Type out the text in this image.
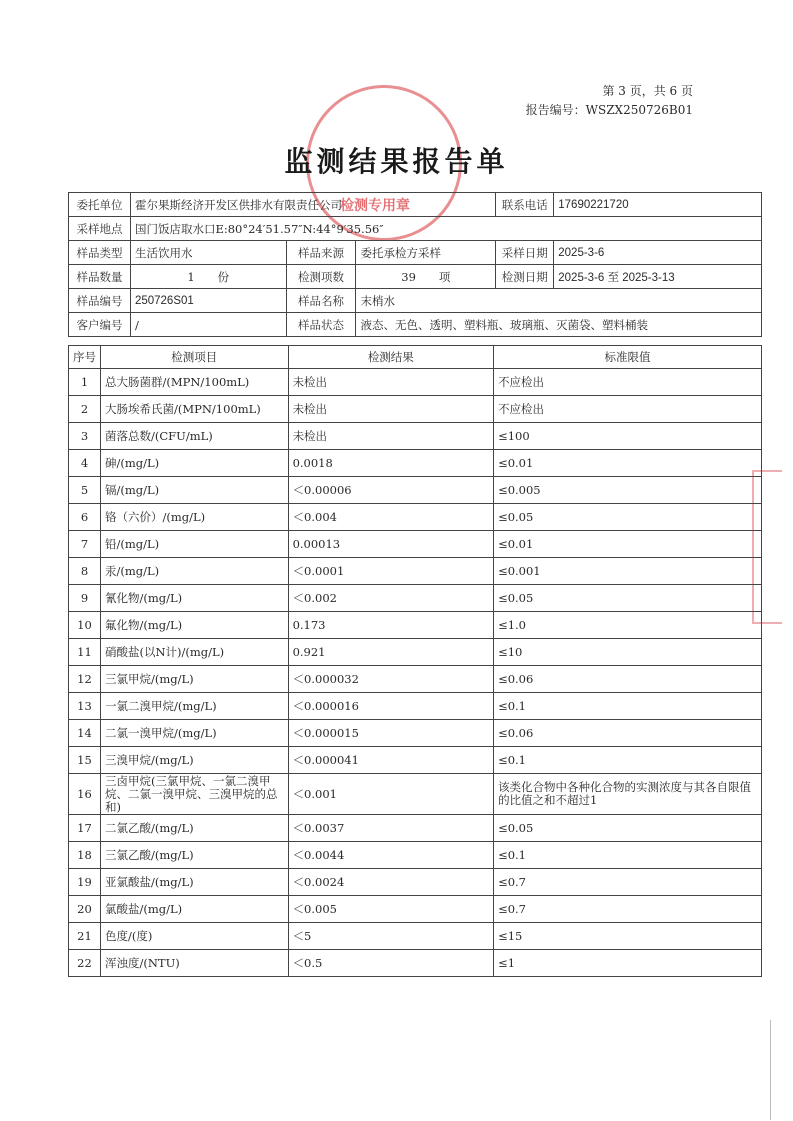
检测专用章
第 3 页，共 6 页
报告编号：WSZX250726B01
监测结果报告单
委托单位	霍尔果斯经济开发区供排水有限责任公司			联系电话	17690221720
采样地点	国门饭店取水口E:80°24′51.57″N:44°9′35.56″				
样品类型	生活饮用水	样品来源	委托承检方采样	采样日期	2025-3-6
样品数量	1　　份	检测项数	39　　项	检测日期	2025-3-6 至 2025-3-13
样品编号	250726S01	样品名称	末梢水		
客户编号	/	样品状态	液态、无色、透明、塑料瓶、玻璃瓶、灭菌袋、塑料桶装		
序号	检测项目	检测结果	标准限值
1	总大肠菌群/(MPN/100mL)	未检出	不应检出
2	大肠埃希氏菌/(MPN/100mL)	未检出	不应检出
3	菌落总数/(CFU/mL)	未检出	≤100
4	砷/(mg/L)	0.0018	≤0.01
5	镉/(mg/L)	＜0.00006	≤0.005
6	铬（六价）/(mg/L)	＜0.004	≤0.05
7	铅/(mg/L)	0.00013	≤0.01
8	汞/(mg/L)	＜0.0001	≤0.001
9	氰化物/(mg/L)	＜0.002	≤0.05
10	氟化物/(mg/L)	0.173	≤1.0
11	硝酸盐(以N计)/(mg/L)	0.921	≤10
12	三氯甲烷/(mg/L)	＜0.000032	≤0.06
13	一氯二溴甲烷/(mg/L)	＜0.000016	≤0.1
14	二氯一溴甲烷/(mg/L)	＜0.000015	≤0.06
15	三溴甲烷/(mg/L)	＜0.000041	≤0.1
16	三卤甲烷(三氯甲烷、一氯二溴甲烷、二氯一溴甲烷、三溴甲烷的总和)	＜0.001	该类化合物中各种化合物的实测浓度与其各自限值的比值之和不超过1
17	二氯乙酸/(mg/L)	＜0.0037	≤0.05
18	三氯乙酸/(mg/L)	＜0.0044	≤0.1
19	亚氯酸盐/(mg/L)	＜0.0024	≤0.7
20	氯酸盐/(mg/L)	＜0.005	≤0.7
21	色度/(度)	＜5	≤15
22	浑浊度/(NTU)	＜0.5	≤1
